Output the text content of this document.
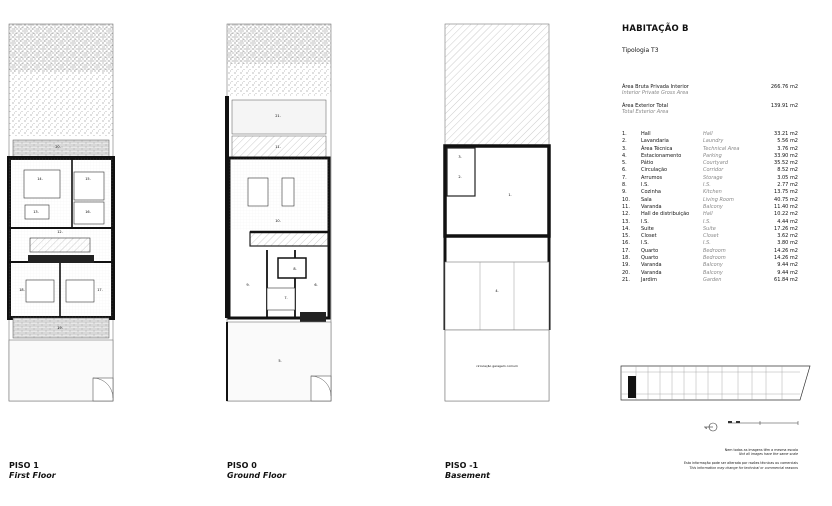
20.
14.	15.
16.
13.
12.
18.	17.
19.
21.
11.
10.
9.	6.
7.
8.
5.
3.
2.
1.
4.
circulação garagem comum
N
PISO 1
First Floor
PISO 0
Ground Floor
PISO -1
Basement
HABITAÇÃO B
Tipologia T3
Área Bruta Privada Interior	266.76 m2
Interior Private Gross Area
Área Exterior Total	139.91 m2
Total Exterior Area
1.	Hall	Hall	33.21 m2
2.	Lavandaria	Laundry	5.56 m2
3.	Área Técnica	Technical Area	3.76 m2
4.	Estacionamento	Parking	33.90 m2
5.	Pátio	Courtyard	35.52 m2
6.	Circulação	Corridor	8.52 m2
7.	Arrumos	Storage	3.05 m2
8.	I.S.	I.S.	2.77 m2
9.	Cozinha	Kitchen	13.75 m2
10.	Sala	Living Room	40.75 m2
11.	Varanda	Balcony	11.40 m2
12.	Hall de distribuição	Hall	10.22 m2
13.	I.S.	I.S.	4.44 m2
14.	Suite	Suite	17.26 m2
15.	Closet	Closet	3.62 m2
16.	I.S.	I.S.	3.80 m2
17.	Quarto	Bedroom	14.26 m2
18.	Quarto	Bedroom	14.26 m2
19.	Varanda	Balcony	9.44 m2
20.	Varanda	Balcony	9.44 m2
21.	Jardim	Garden	61.84 m2
Nem todas as imagens têm a mesma escala
Not all images have the same scale
Esta informação pode ser alterada por razões técnicas ou comerciais
This information may change for technical or commercial reasons
